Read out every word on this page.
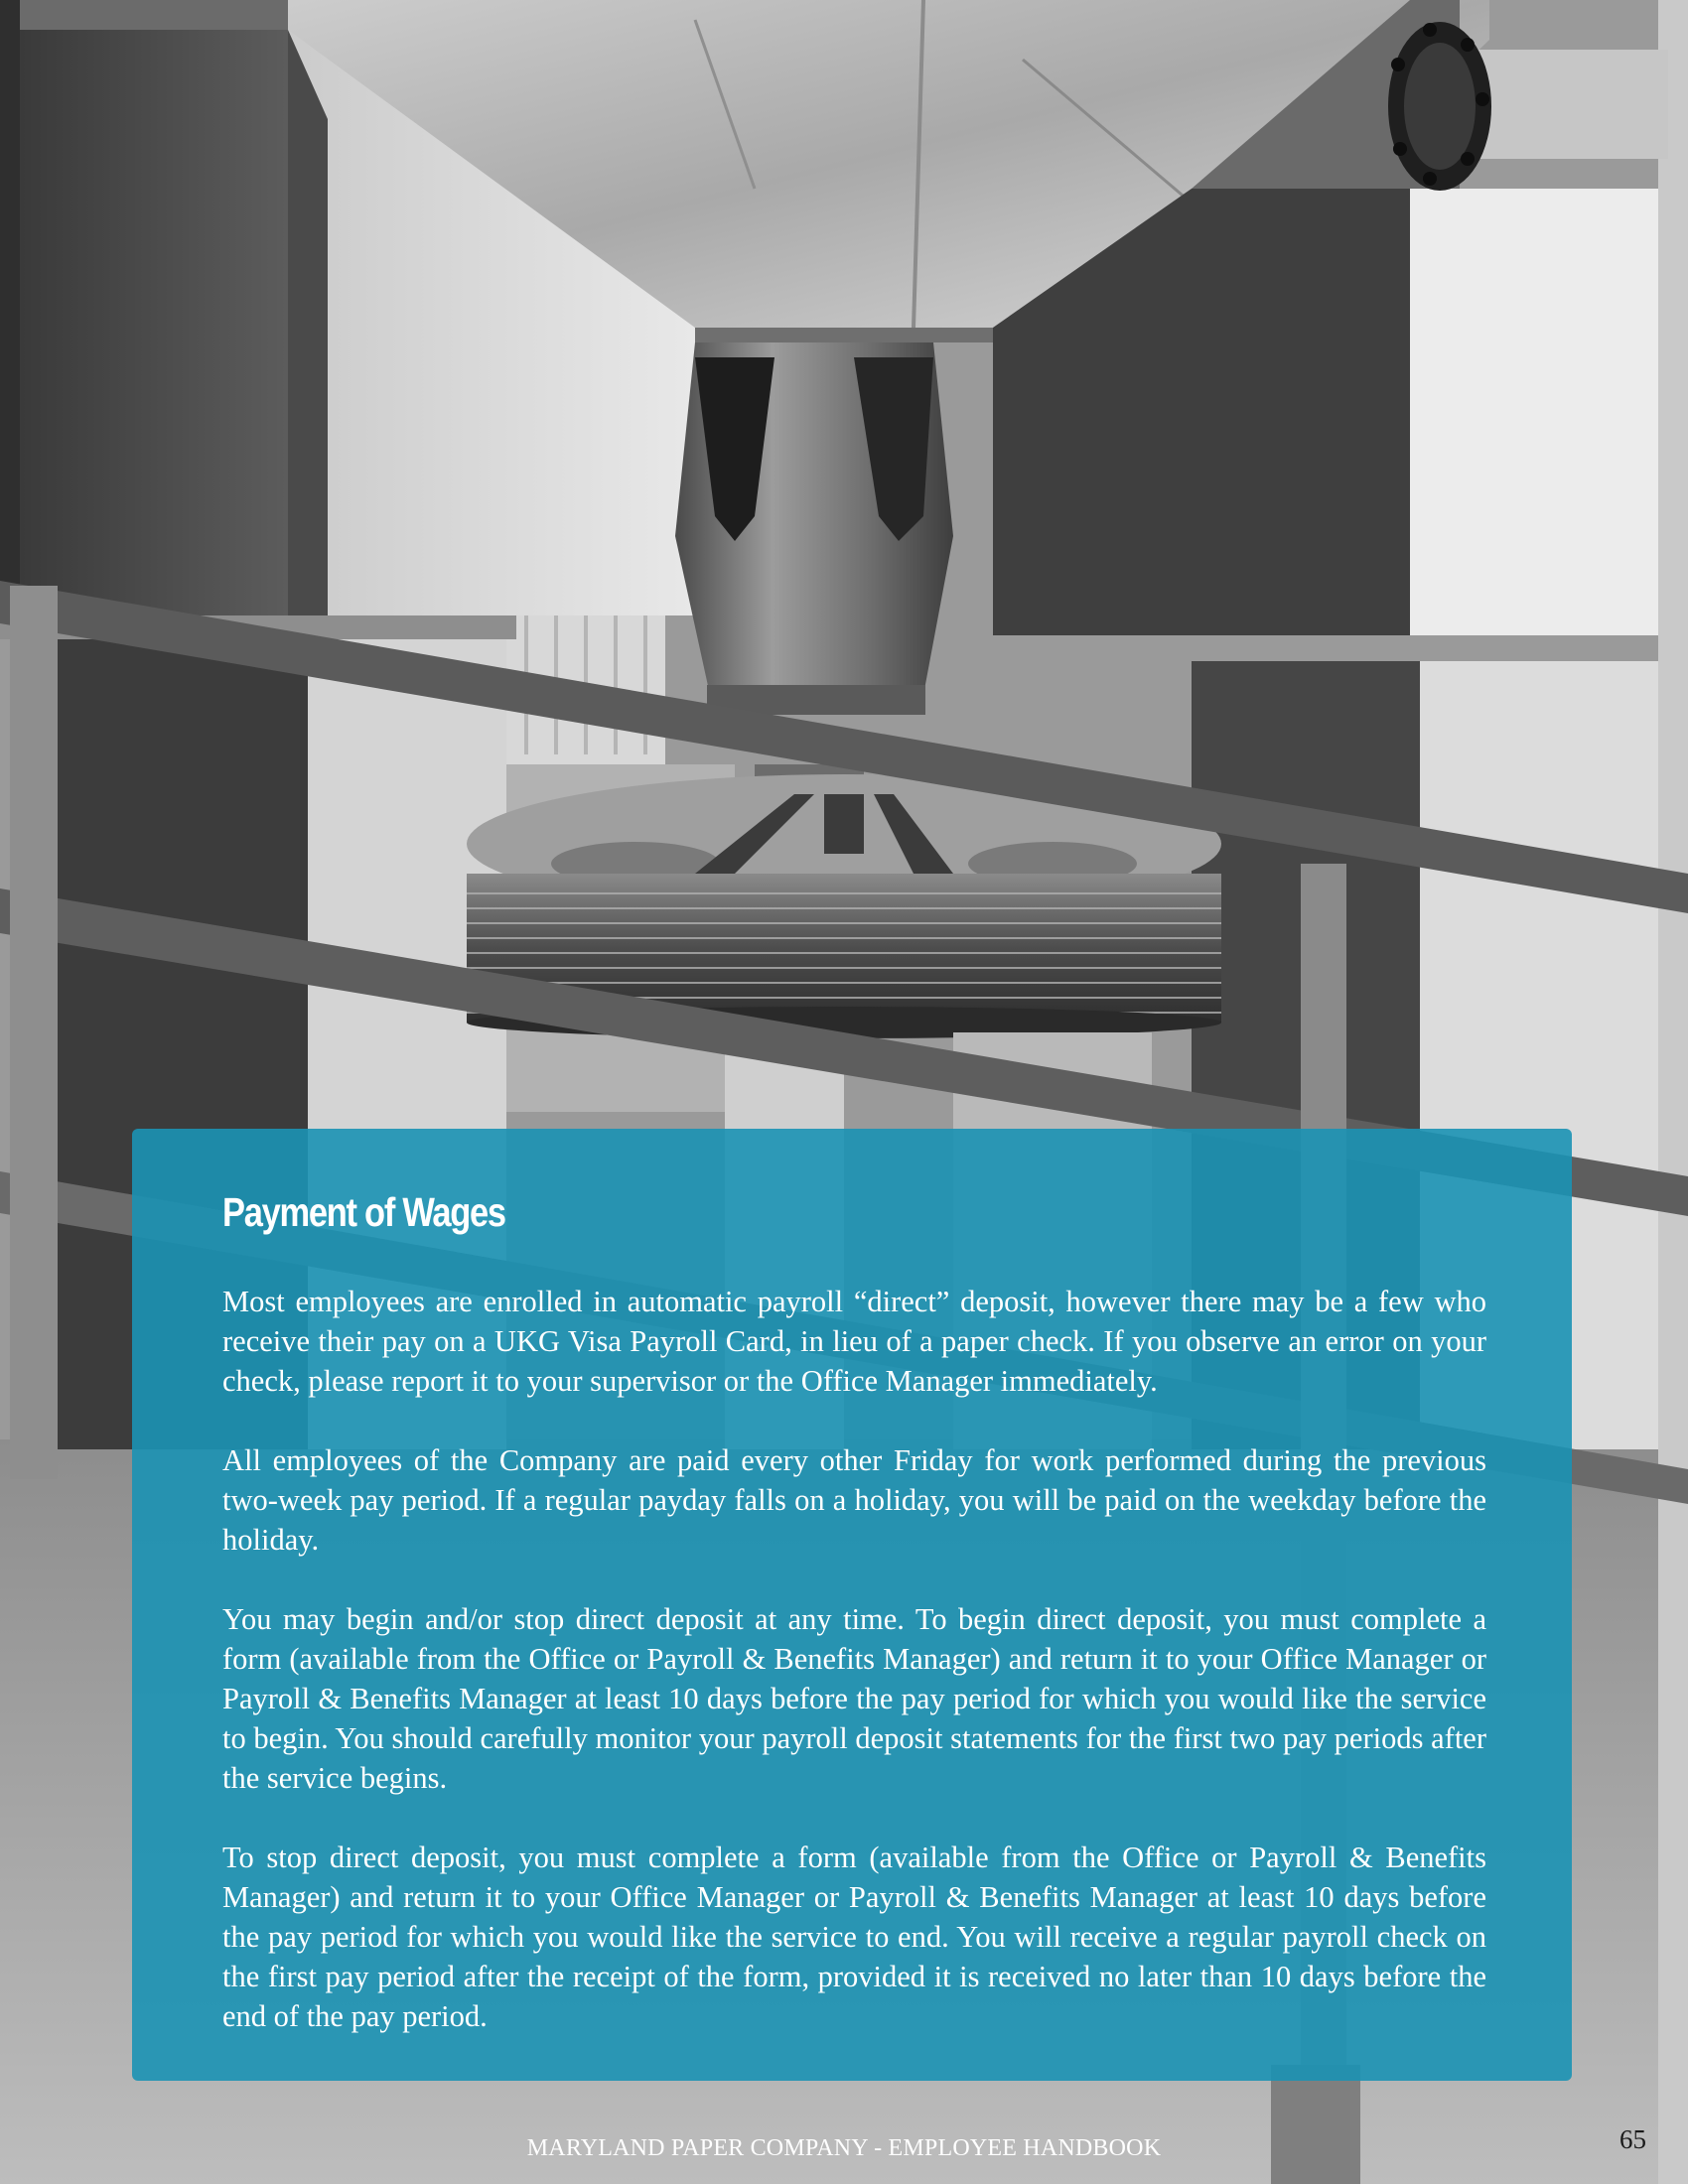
Payment of Wages

Most employees are enrolled in automatic payroll “direct” deposit, however there may be a few who receive their pay on a UKG Visa Payroll Card, in lieu of a paper check. If you observe an error on your check, please report it to your supervisor or the Office Manager immediately.

All employees of the Company are paid every other Friday for work performed during the previous two-week pay period. If a regular payday falls on a holiday, you will be paid on the weekday before the holiday.

You may begin and/or stop direct deposit at any time. To begin direct deposit, you must complete a form (available from the Office or Payroll & Benefits Manager) and return it to your Office Manager or Payroll & Benefits Manager at least 10 days before the pay period for which you would like the service to begin. You should carefully monitor your payroll deposit statements for the first two pay periods after the service begins.

To stop direct deposit, you must complete a form (available from the Office or Payroll & Benefits Manager) and return it to your Office Manager or Payroll & Benefits Manager at least 10 days before the pay period for which you would like the service to end. You will receive a regular payroll check on the first pay period after the receipt of the form, provided it is received no later than 10 days before the end of the pay period.

MARYLAND PAPER COMPANY - EMPLOYEE HANDBOOK	65
